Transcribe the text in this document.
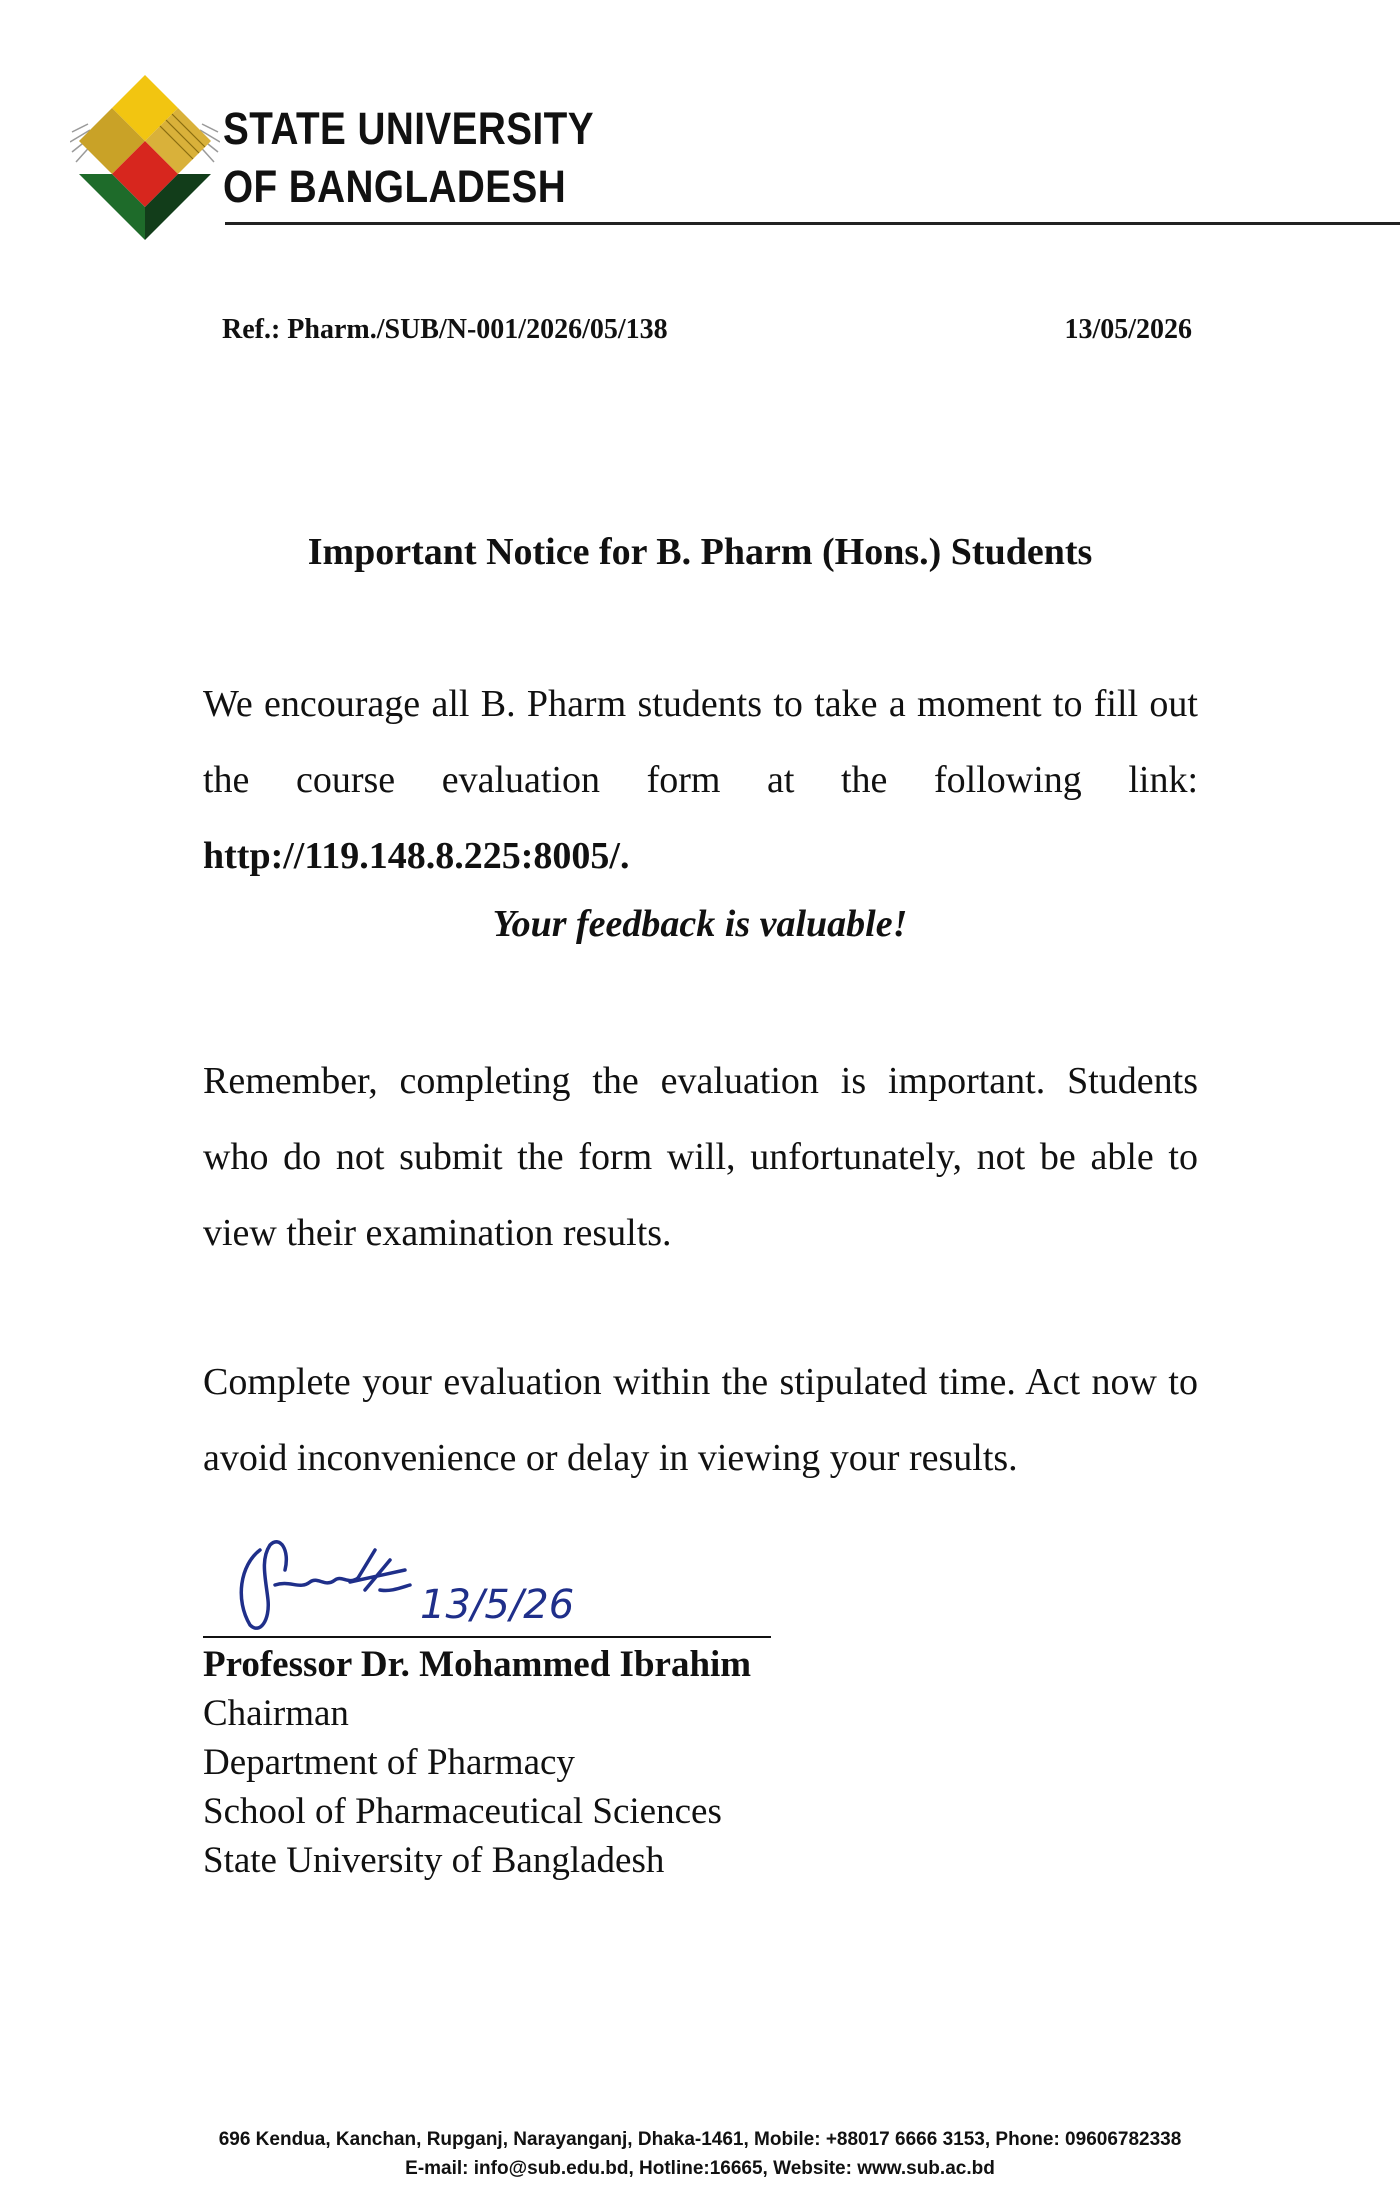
STATE UNIVERSITY
OF BANGLADESH
Ref.: Pharm./SUB/N-001/2026/05/138	13/05/2026
Important Notice for B. Pharm (Hons.) Students
We encourage all B. Pharm students to take a moment to fill out the course evaluation form at the following link: http://119.148.8.225:8005/.
Your feedback is valuable!
Remember, completing the evaluation is important. Students who do not submit the form will, unfortunately, not be able to view their examination results.
Complete your evaluation within the stipulated time. Act now to avoid inconvenience or delay in viewing your results.
13/5/26
Professor Dr. Mohammed Ibrahim
Chairman
Department of Pharmacy
School of Pharmaceutical Sciences
State University of Bangladesh
696 Kendua, Kanchan, Rupganj, Narayanganj, Dhaka-1461, Mobile: +88017 6666 3153, Phone: 09606782338
E-mail: info@sub.edu.bd, Hotline:16665, Website: www.sub.ac.bd
